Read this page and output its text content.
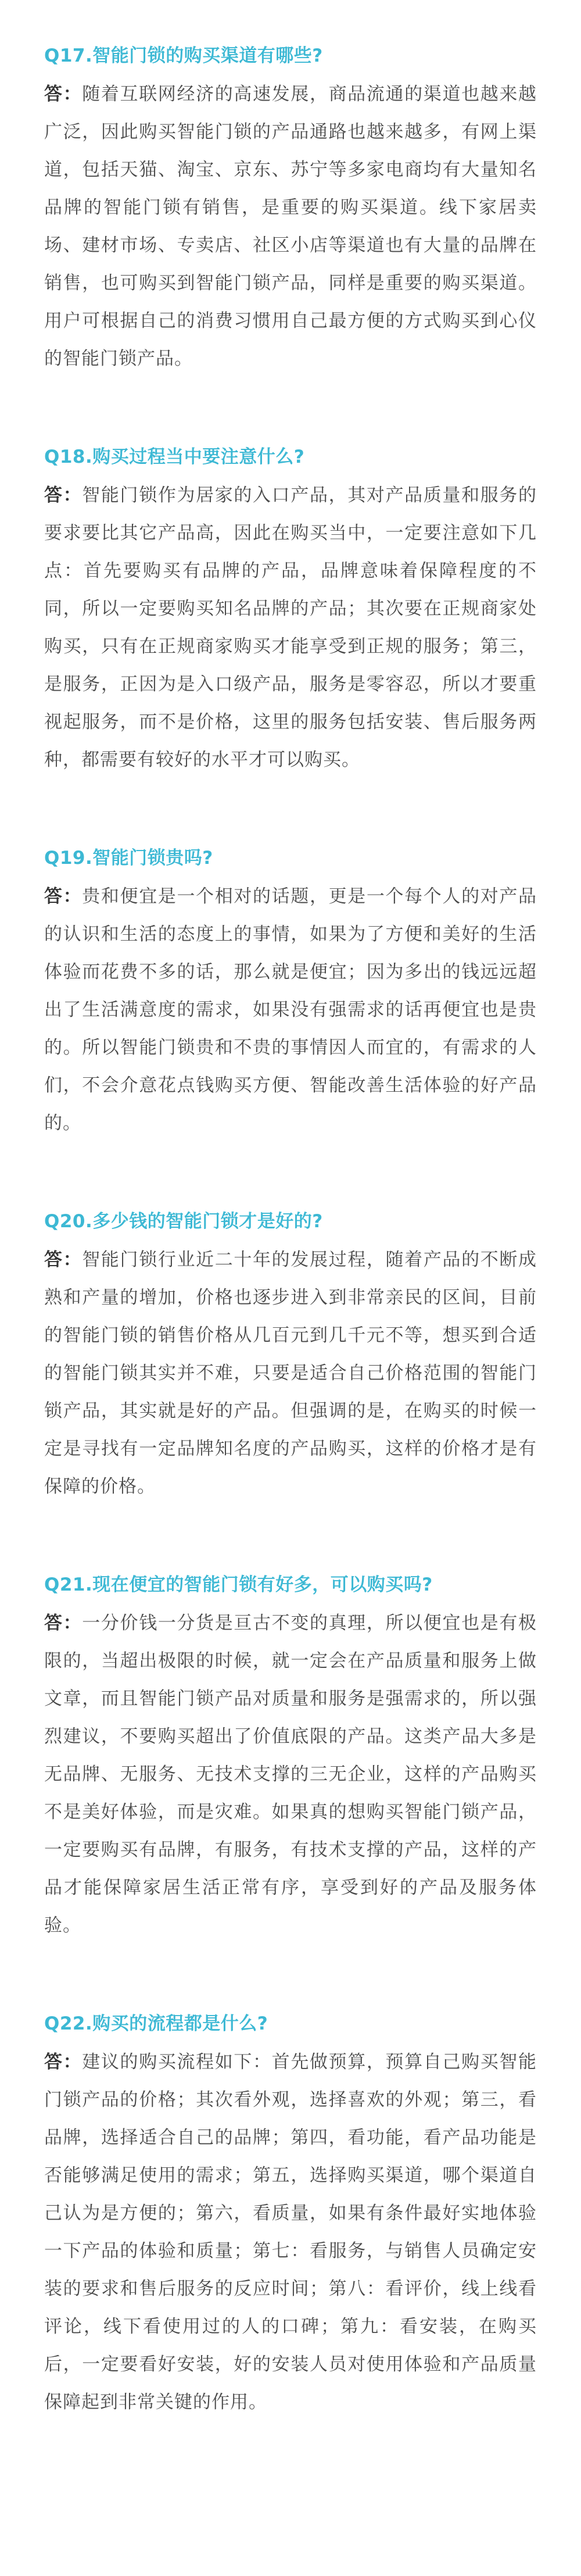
Q17.智能门锁的购买渠道有哪些?

答：随着互联网经济的高速发展，商品流通的渠道也越来越广泛，因此购买智能门锁的产品通路也越来越多，有网上渠道，包括天猫、淘宝、京东、苏宁等多家电商均有大量知名品牌的智能门锁有销售，是重要的购买渠道。线下家居卖场、建材市场、专卖店、社区小店等渠道也有大量的品牌在销售，也可购买到智能门锁产品，同样是重要的购买渠道。用户可根据自己的消费习惯用自己最方便的方式购买到心仪的智能门锁产品。

Q18.购买过程当中要注意什么?

答：智能门锁作为居家的入口产品，其对产品质量和服务的要求要比其它产品高，因此在购买当中，一定要注意如下几点：首先要购买有品牌的产品，品牌意味着保障程度的不同，所以一定要购买知名品牌的产品；其次要在正规商家处购买，只有在正规商家购买才能享受到正规的服务；第三，是服务，正因为是入口级产品，服务是零容忍，所以才要重视起服务，而不是价格，这里的服务包括安装、售后服务两种，都需要有较好的水平才可以购买。

Q19.智能门锁贵吗?

答：贵和便宜是一个相对的话题，更是一个每个人的对产品的认识和生活的态度上的事情，如果为了方便和美好的生活体验而花费不多的话，那么就是便宜；因为多出的钱远远超出了生活满意度的需求，如果没有强需求的话再便宜也是贵的。所以智能门锁贵和不贵的事情因人而宜的，有需求的人们，不会介意花点钱购买方便、智能改善生活体验的好产品的。

Q20.多少钱的智能门锁才是好的?

答：智能门锁行业近二十年的发展过程，随着产品的不断成熟和产量的增加，价格也逐步进入到非常亲民的区间，目前的智能门锁的销售价格从几百元到几千元不等，想买到合适的智能门锁其实并不难，只要是适合自己价格范围的智能门锁产品，其实就是好的产品。但强调的是，在购买的时候一定是寻找有一定品牌知名度的产品购买，这样的价格才是有保障的价格。

Q21.现在便宜的智能门锁有好多，可以购买吗?

答：一分价钱一分货是亘古不变的真理，所以便宜也是有极限的，当超出极限的时候，就一定会在产品质量和服务上做文章，而且智能门锁产品对质量和服务是强需求的，所以强烈建议，不要购买超出了价值底限的产品。这类产品大多是无品牌、无服务、无技术支撑的三无企业，这样的产品购买不是美好体验，而是灾难。如果真的想购买智能门锁产品，一定要购买有品牌，有服务，有技术支撑的产品，这样的产品才能保障家居生活正常有序，享受到好的产品及服务体验。

Q22.购买的流程都是什么?

答：建议的购买流程如下：首先做预算，预算自己购买智能门锁产品的价格；其次看外观，选择喜欢的外观；第三，看品牌，选择适合自己的品牌；第四，看功能，看产品功能是否能够满足使用的需求；第五，选择购买渠道，哪个渠道自己认为是方便的；第六，看质量，如果有条件最好实地体验一下产品的体验和质量；第七：看服务，与销售人员确定安装的要求和售后服务的反应时间；第八：看评价，线上线看评论，线下看使用过的人的口碑；第九：看安装，在购买后，一定要看好安装，好的安装人员对使用体验和产品质量保障起到非常关键的作用。
